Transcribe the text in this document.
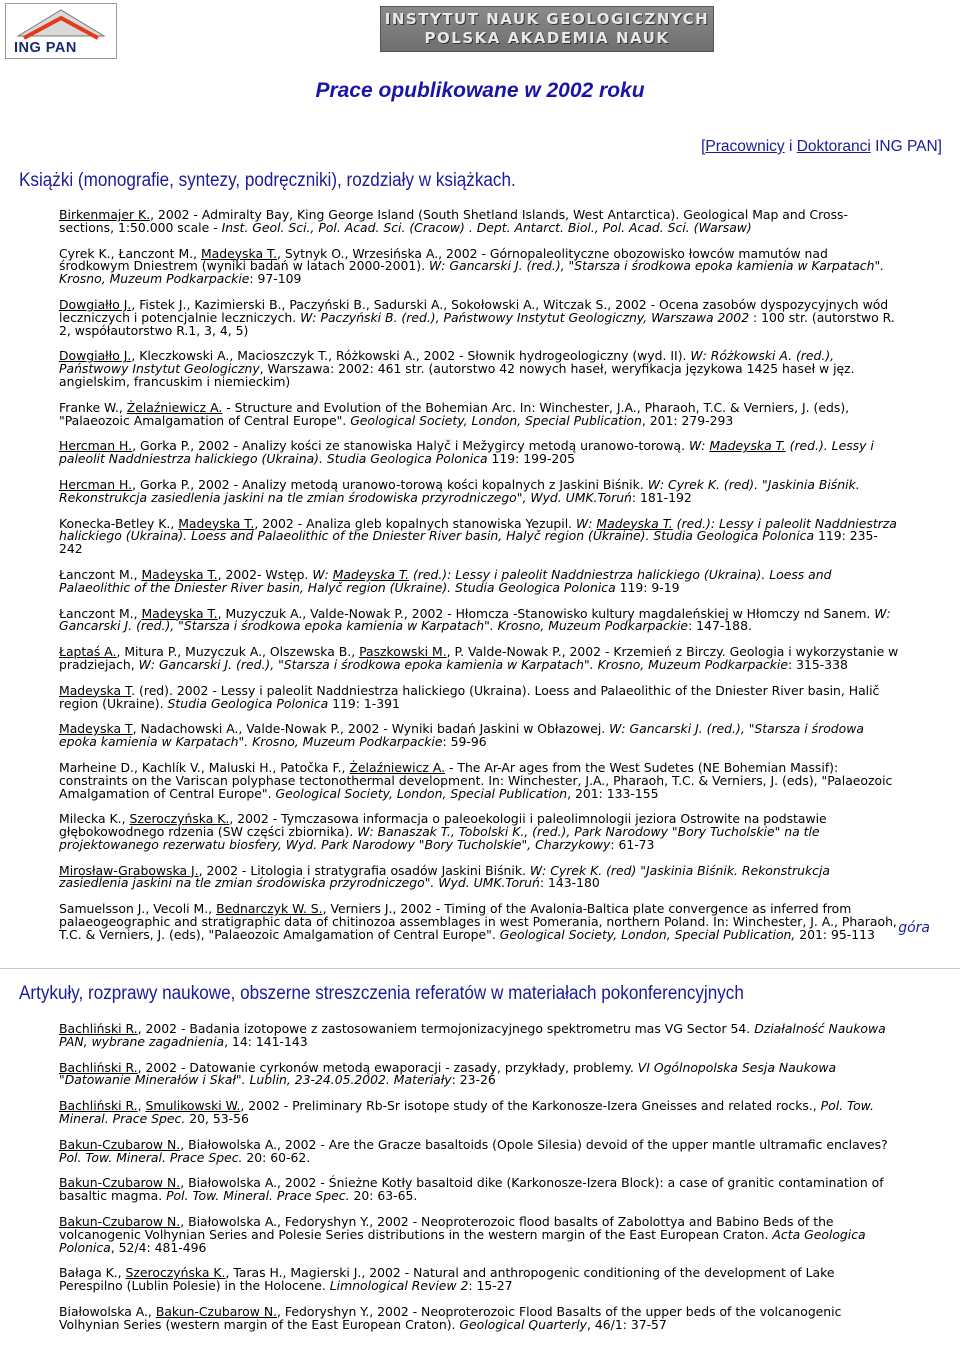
ING PAN
INSTYTUT NAUK GEOLOGICZNYCH
POLSKA AKADEMIA NAUK
Prace opublikowane w 2002 roku
[Pracownicy i Doktoranci ING PAN]
Książki (monografie, syntezy, podręczniki), rozdziały w książkach.
Birkenmajer K., 2002 - Admiralty Bay, King George Island (South Shetland Islands, West Antarctica). Geological Map and Cross-sections, 1:50.000 scale - Inst. Geol. Sci., Pol. Acad. Sci. (Cracow) . Dept. Antarct. Biol., Pol. Acad. Sci. (Warsaw)
Cyrek K., Łanczont M., Madeyska T., Sytnyk O., Wrzesińska A., 2002 - Górnopaleolityczne obozowisko łowców mamutów nad środkowym Dniestrem (wyniki badań w latach 2000-2001). W: Gancarski J. (red.), "Starsza i środkowa epoka kamienia w Karpatach". Krosno, Muzeum Podkarpackie: 97-109
Dowgiałło J., Fistek J., Kazimierski B., Paczyński B., Sadurski A., Sokołowski A., Witczak S., 2002 - Ocena zasobów dyspozycyjnych wód leczniczych i potencjalnie leczniczych. W: Paczyński B. (red.), Państwowy Instytut Geologiczny, Warszawa 2002 : 100 str. (autorstwo R. 2, współautorstwo R.1, 3, 4, 5)
Dowgiałło J., Kleczkowski A., Macioszczyk T., Różkowski A., 2002 - Słownik hydrogeologiczny (wyd. II). W: Różkowski A. (red.), Państwowy Instytut Geologiczny, Warszawa: 2002: 461 str. (autorstwo 42 nowych haseł, weryfikacja językowa 1425 haseł w jęz. angielskim, francuskim i niemieckim)
Franke W., Żelaźniewicz A. - Structure and Evolution of the Bohemian Arc. In: Winchester, J.A., Pharaoh, T.C. & Verniers, J. (eds), "Palaeozoic Amalgamation of Central Europe". Geological Society, London, Special Publication, 201: 279-293
Hercman H., Gorka P., 2002 - Analizy kości ze stanowiska Halyč i Mežygircy metodą uranowo-torową. W: Madeyska T. (red.). Lessy i paleolit Naddniestrza halickiego (Ukraina). Studia Geologica Polonica 119: 199-205
Hercman H., Gorka P., 2002 - Analizy metodą uranowo-torową kości kopalnych z Jaskini Biśnik. W: Cyrek K. (red). "Jaskinia Biśnik. Rekonstrukcja zasiedlenia jaskini na tle zmian środowiska przyrodniczego", Wyd. UMK.Toruń: 181-192
Konecka-Betley K., Madeyska T., 2002 - Analiza gleb kopalnych stanowiska Yezupil. W: Madeyska T. (red.): Lessy i paleolit Naddniestrza halickiego (Ukraina). Loess and Palaeolithic of the Dniester River basin, Halyč region (Ukraine). Studia Geologica Polonica 119: 235-242
Łanczont M., Madeyska T., 2002- Wstęp. W: Madeyska T. (red.): Lessy i paleolit Naddniestrza halickiego (Ukraina). Loess and Palaeolithic of the Dniester River basin, Halyč region (Ukraine). Studia Geologica Polonica 119: 9-19
Łanczont M., Madeyska T., Muzyczuk A., Valde-Nowak P., 2002 - Hłomcza -Stanowisko kultury magdaleńskiej w Hłomczy nd Sanem. W: Gancarski J. (red.), "Starsza i środkowa epoka kamienia w Karpatach". Krosno, Muzeum Podkarpackie: 147-188.
Łaptaś A., Mitura P., Muzyczuk A., Olszewska B., Paszkowski M., P. Valde-Nowak P., 2002 - Krzemień z Birczy. Geologia i wykorzystanie w pradziejach, W: Gancarski J. (red.), "Starsza i środkowa epoka kamienia w Karpatach". Krosno, Muzeum Podkarpackie: 315-338
Madeyska T. (red). 2002 - Lessy i paleolit Naddniestrza halickiego (Ukraina). Loess and Palaeolithic of the Dniester River basin, Halič region (Ukraine). Studia Geologica Polonica 119: 1-391
Madeyska T, Nadachowski A., Valde-Nowak P., 2002 - Wyniki badań Jaskini w Obłazowej. W: Gancarski J. (red.), "Starsza i środowa epoka kamienia w Karpatach". Krosno, Muzeum Podkarpackie: 59-96
Marheine D., Kachlík V., Maluski H., Patočka F., Żelaźniewicz A. - The Ar-Ar ages from the West Sudetes (NE Bohemian Massif): constraints on the Variscan polyphase tectonothermal development. In: Winchester, J.A., Pharaoh, T.C. & Verniers, J. (eds), "Palaeozoic Amalgamation of Central Europe". Geological Society, London, Special Publication, 201: 133-155
Milecka K., Szeroczyńska K., 2002 - Tymczasowa informacja o paleoekologii i paleolimnologii jeziora Ostrowite na podstawie głębokowodnego rdzenia (SW części zbiornika). W: Banaszak T., Tobolski K., (red.), Park Narodowy "Bory Tucholskie" na tle projektowanego rezerwatu biosfery, Wyd. Park Narodowy "Bory Tucholskie", Charzykowy: 61-73
Mirosław-Grabowska J., 2002 - Litologia i stratygrafia osadów Jaskini Biśnik. W: Cyrek K. (red) "Jaskinia Biśnik. Rekonstrukcja zasiedlenia jaskini na tle zmian środowiska przyrodniczego". Wyd. UMK.Toruń: 143-180
Samuelsson J., Vecoli M., Bednarczyk W. S., Verniers J., 2002 - Timing of the Avalonia-Baltica plate convergence as inferred from palaeogeographic and stratigraphic data of chitinozoa assemblages in west Pomerania, northern Poland. In: Winchester, J. A., Pharaoh, T.C. & Verniers, J. (eds), "Palaeozoic Amalgamation of Central Europe". Geological Society, London, Special Publication, 201: 95-113	góra
Artykuły, rozprawy naukowe, obszerne streszczenia referatów w materiałach pokonferencyjnych
Bachliński R., 2002 - Badania izotopowe z zastosowaniem termojonizacyjnego spektrometru mas VG Sector 54. Działalność Naukowa PAN, wybrane zagadnienia, 14: 141-143
Bachliński R., 2002 - Datowanie cyrkonów metodą ewaporacji - zasady, przykłady, problemy. VI Ogólnopolska Sesja Naukowa "Datowanie Minerałów i Skał". Lublin, 23-24.05.2002. Materiały: 23-26
Bachliński R., Smulikowski W., 2002 - Preliminary Rb-Sr isotope study of the Karkonosze-Izera Gneisses and related rocks., Pol. Tow. Mineral. Prace Spec. 20, 53-56
Bakun-Czubarow N., Białowolska A., 2002 - Are the Gracze basaltoids (Opole Silesia) devoid of the upper mantle ultramafic enclaves? Pol. Tow. Mineral. Prace Spec. 20: 60-62.
Bakun-Czubarow N., Białowolska A., 2002 - Śnieżne Kotły basaltoid dike (Karkonosze-Izera Block): a case of granitic contamination of basaltic magma. Pol. Tow. Mineral. Prace Spec. 20: 63-65.
Bakun-Czubarow N., Białowolska A., Fedoryshyn Y., 2002 - Neoproterozoic flood basalts of Zabolottya and Babino Beds of the volcanogenic Volhynian Series and Polesie Series distributions in the western margin of the East European Craton. Acta Geologica Polonica, 52/4: 481-496
Bałaga K., Szeroczyńska K., Taras H., Magierski J., 2002 - Natural and anthropogenic conditioning of the development of Lake Perespilno (Lublin Polesie) in the Holocene. Limnological Review 2: 15-27
Białowolska A., Bakun-Czubarow N., Fedoryshyn Y., 2002 - Neoproterozoic Flood Basalts of the upper beds of the volcanogenic Volhynian Series (western margin of the East European Craton). Geological Quarterly, 46/1: 37-57
